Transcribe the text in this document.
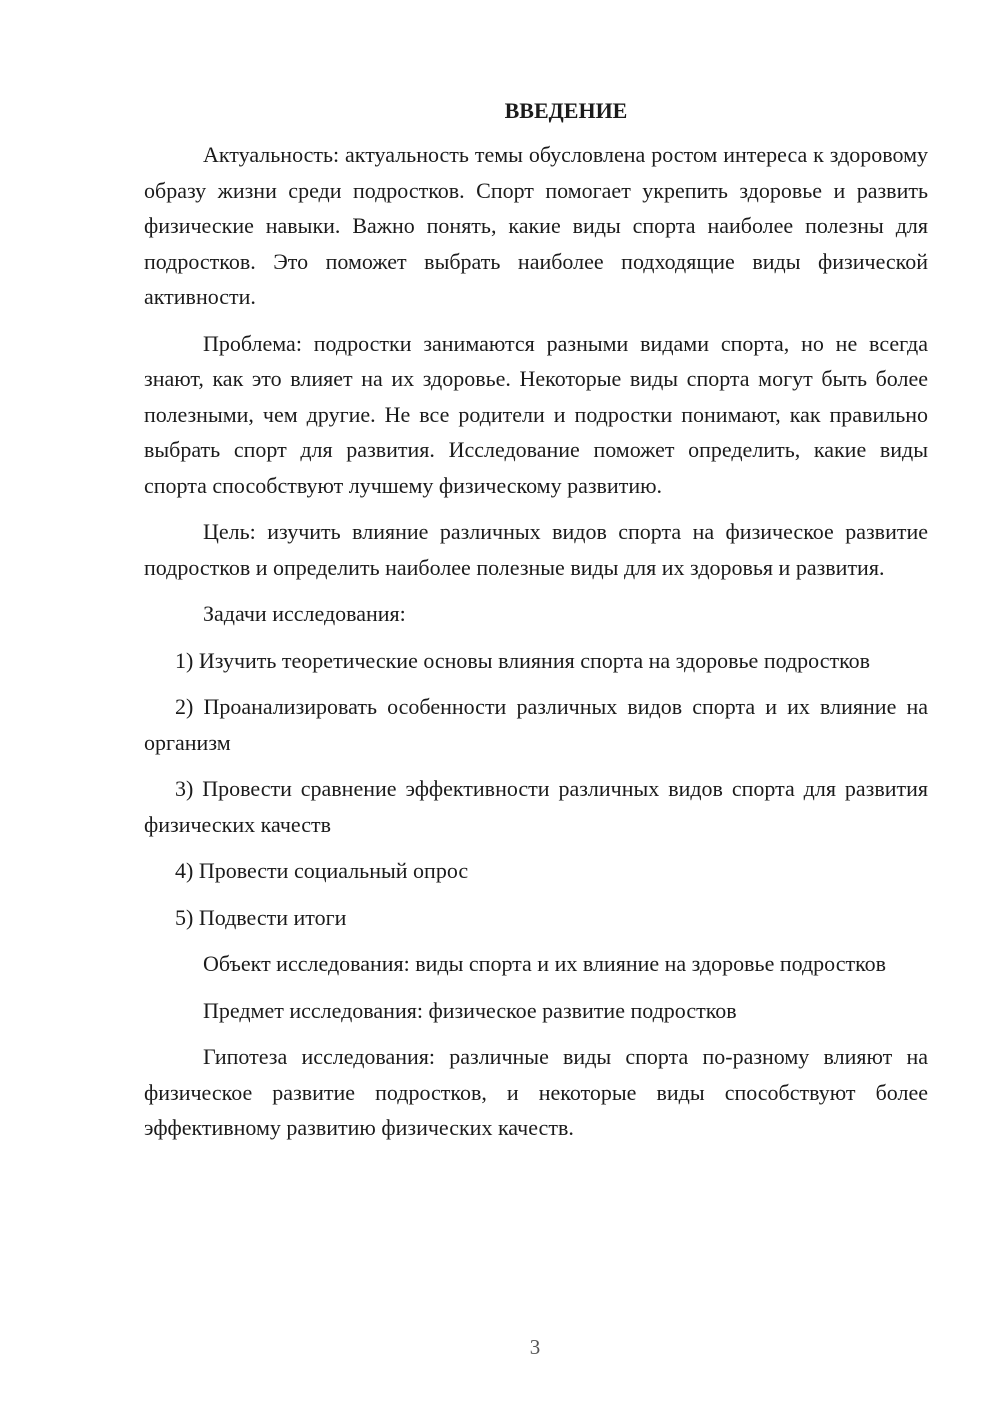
ВВЕДЕНИЕ

Актуальность: актуальность темы обусловлена ростом интереса к здоровому образу жизни среди подростков. Спорт помогает укрепить здоровье и развить физические навыки. Важно понять, какие виды спорта наиболее полезны для подростков. Это поможет выбрать наиболее подходящие виды физической активности.

Проблема: подростки занимаются разными видами спорта, но не всегда знают, как это влияет на их здоровье. Некоторые виды спорта могут быть более полезными, чем другие. Не все родители и подростки понимают, как правильно выбрать спорт для развития. Исследование поможет определить, какие виды спорта способствуют лучшему физическому развитию.

Цель: изучить влияние различных видов спорта на физическое развитие подростков и определить наиболее полезные виды для их здоровья и развития.

Задачи исследования:

1) Изучить теоретические основы влияния спорта на здоровье подростков

2) Проанализировать особенности различных видов спорта и их влияние на организм

3) Провести сравнение эффективности различных видов спорта для развития физических качеств

4) Провести социальный опрос

5) Подвести итоги

Объект исследования: виды спорта и их влияние на здоровье подростков

Предмет исследования: физическое развитие подростков

Гипотеза исследования: различные виды спорта по-разному влияют на физическое развитие подростков, и некоторые виды способствуют более эффективному развитию физических качеств.

3
